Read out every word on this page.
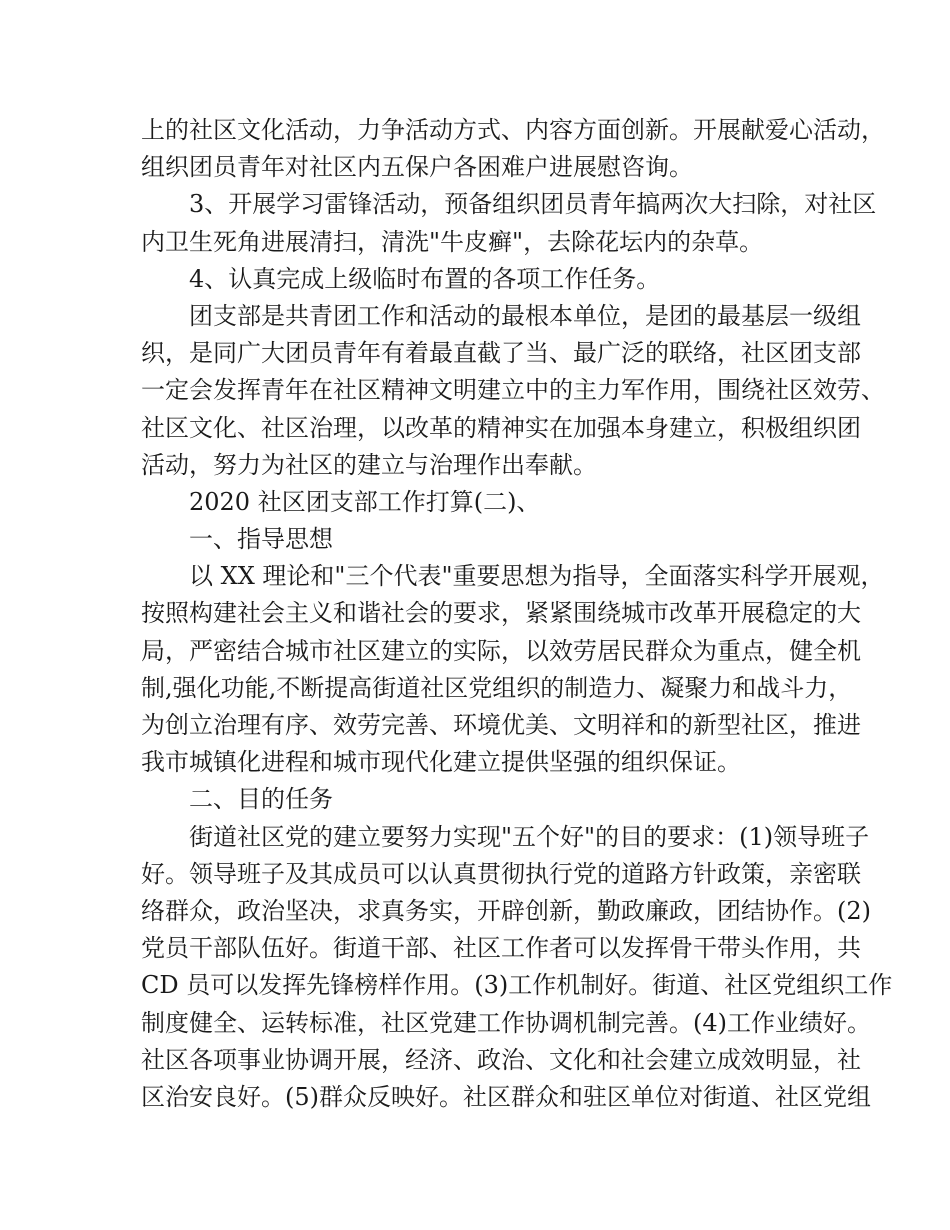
上的社区文化活动，力争活动方式、内容方面创新。开展献爱心活动，
组织团员青年对社区内五保户各困难户进展慰咨询。
3、开展学习雷锋活动，预备组织团员青年搞两次大扫除，对社区
内卫生死角进展清扫，清洗"牛皮癣"，去除花坛内的杂草。
4、认真完成上级临时布置的各项工作任务。
团支部是共青团工作和活动的最根本单位，是团的最基层一级组
织，是同广大团员青年有着最直截了当、最广泛的联络，社区团支部
一定会发挥青年在社区精神文明建立中的主力军作用，围绕社区效劳、
社区文化、社区治理，以改革的精神实在加强本身建立，积极组织团
活动，努力为社区的建立与治理作出奉献。
2020 社区团支部工作打算(二)、
一、指导思想
以 XX 理论和"三个代表"重要思想为指导，全面落实科学开展观，
按照构建社会主义和谐社会的要求，紧紧围绕城市改革开展稳定的大
局，严密结合城市社区建立的实际，以效劳居民群众为重点，健全机
制,强化功能,不断提高街道社区党组织的制造力、凝聚力和战斗力，
为创立治理有序、效劳完善、环境优美、文明祥和的新型社区，推进
我市城镇化进程和城市现代化建立提供坚强的组织保证。
二、目的任务
街道社区党的建立要努力实现"五个好"的目的要求：(1)领导班子
好。领导班子及其成员可以认真贯彻执行党的道路方针政策，亲密联
络群众，政治坚决，求真务实，开辟创新，勤政廉政，团结协作。(2)
党员干部队伍好。街道干部、社区工作者可以发挥骨干带头作用，共
CD 员可以发挥先锋榜样作用。(3)工作机制好。街道、社区党组织工作
制度健全、运转标准，社区党建工作协调机制完善。(4)工作业绩好。
社区各项事业协调开展，经济、政治、文化和社会建立成效明显，社
区治安良好。(5)群众反映好。社区群众和驻区单位对街道、社区党组
